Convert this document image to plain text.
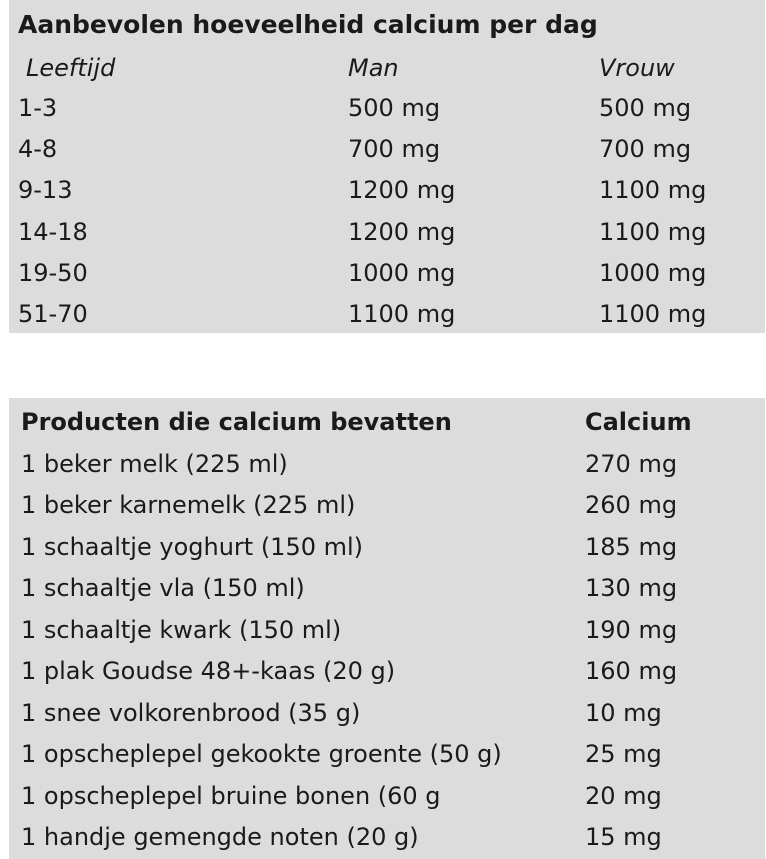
Aanbevolen hoeveelheid calcium per dag
Leeftijd	Man	Vrouw
1-3	500 mg	500 mg
4-8	700 mg	700 mg
9-13	1200 mg	1100 mg
14-18	1200 mg	1100 mg
19-50	1000 mg	1000 mg
51-70	1100 mg	1100 mg
Producten die calcium bevatten	Calcium
1 beker melk (225 ml)	270 mg
1 beker karnemelk (225 ml)	260 mg
1 schaaltje yoghurt (150 ml)	185 mg
1 schaaltje vla (150 ml)	130 mg
1 schaaltje kwark (150 ml)	190 mg
1 plak Goudse 48+-kaas (20 g)	160 mg
1 snee volkorenbrood (35 g)	10 mg
1 opscheplepel gekookte groente (50 g)	25 mg
1 opscheplepel bruine bonen (60 g	20 mg
1 handje gemengde noten (20 g)	15 mg
